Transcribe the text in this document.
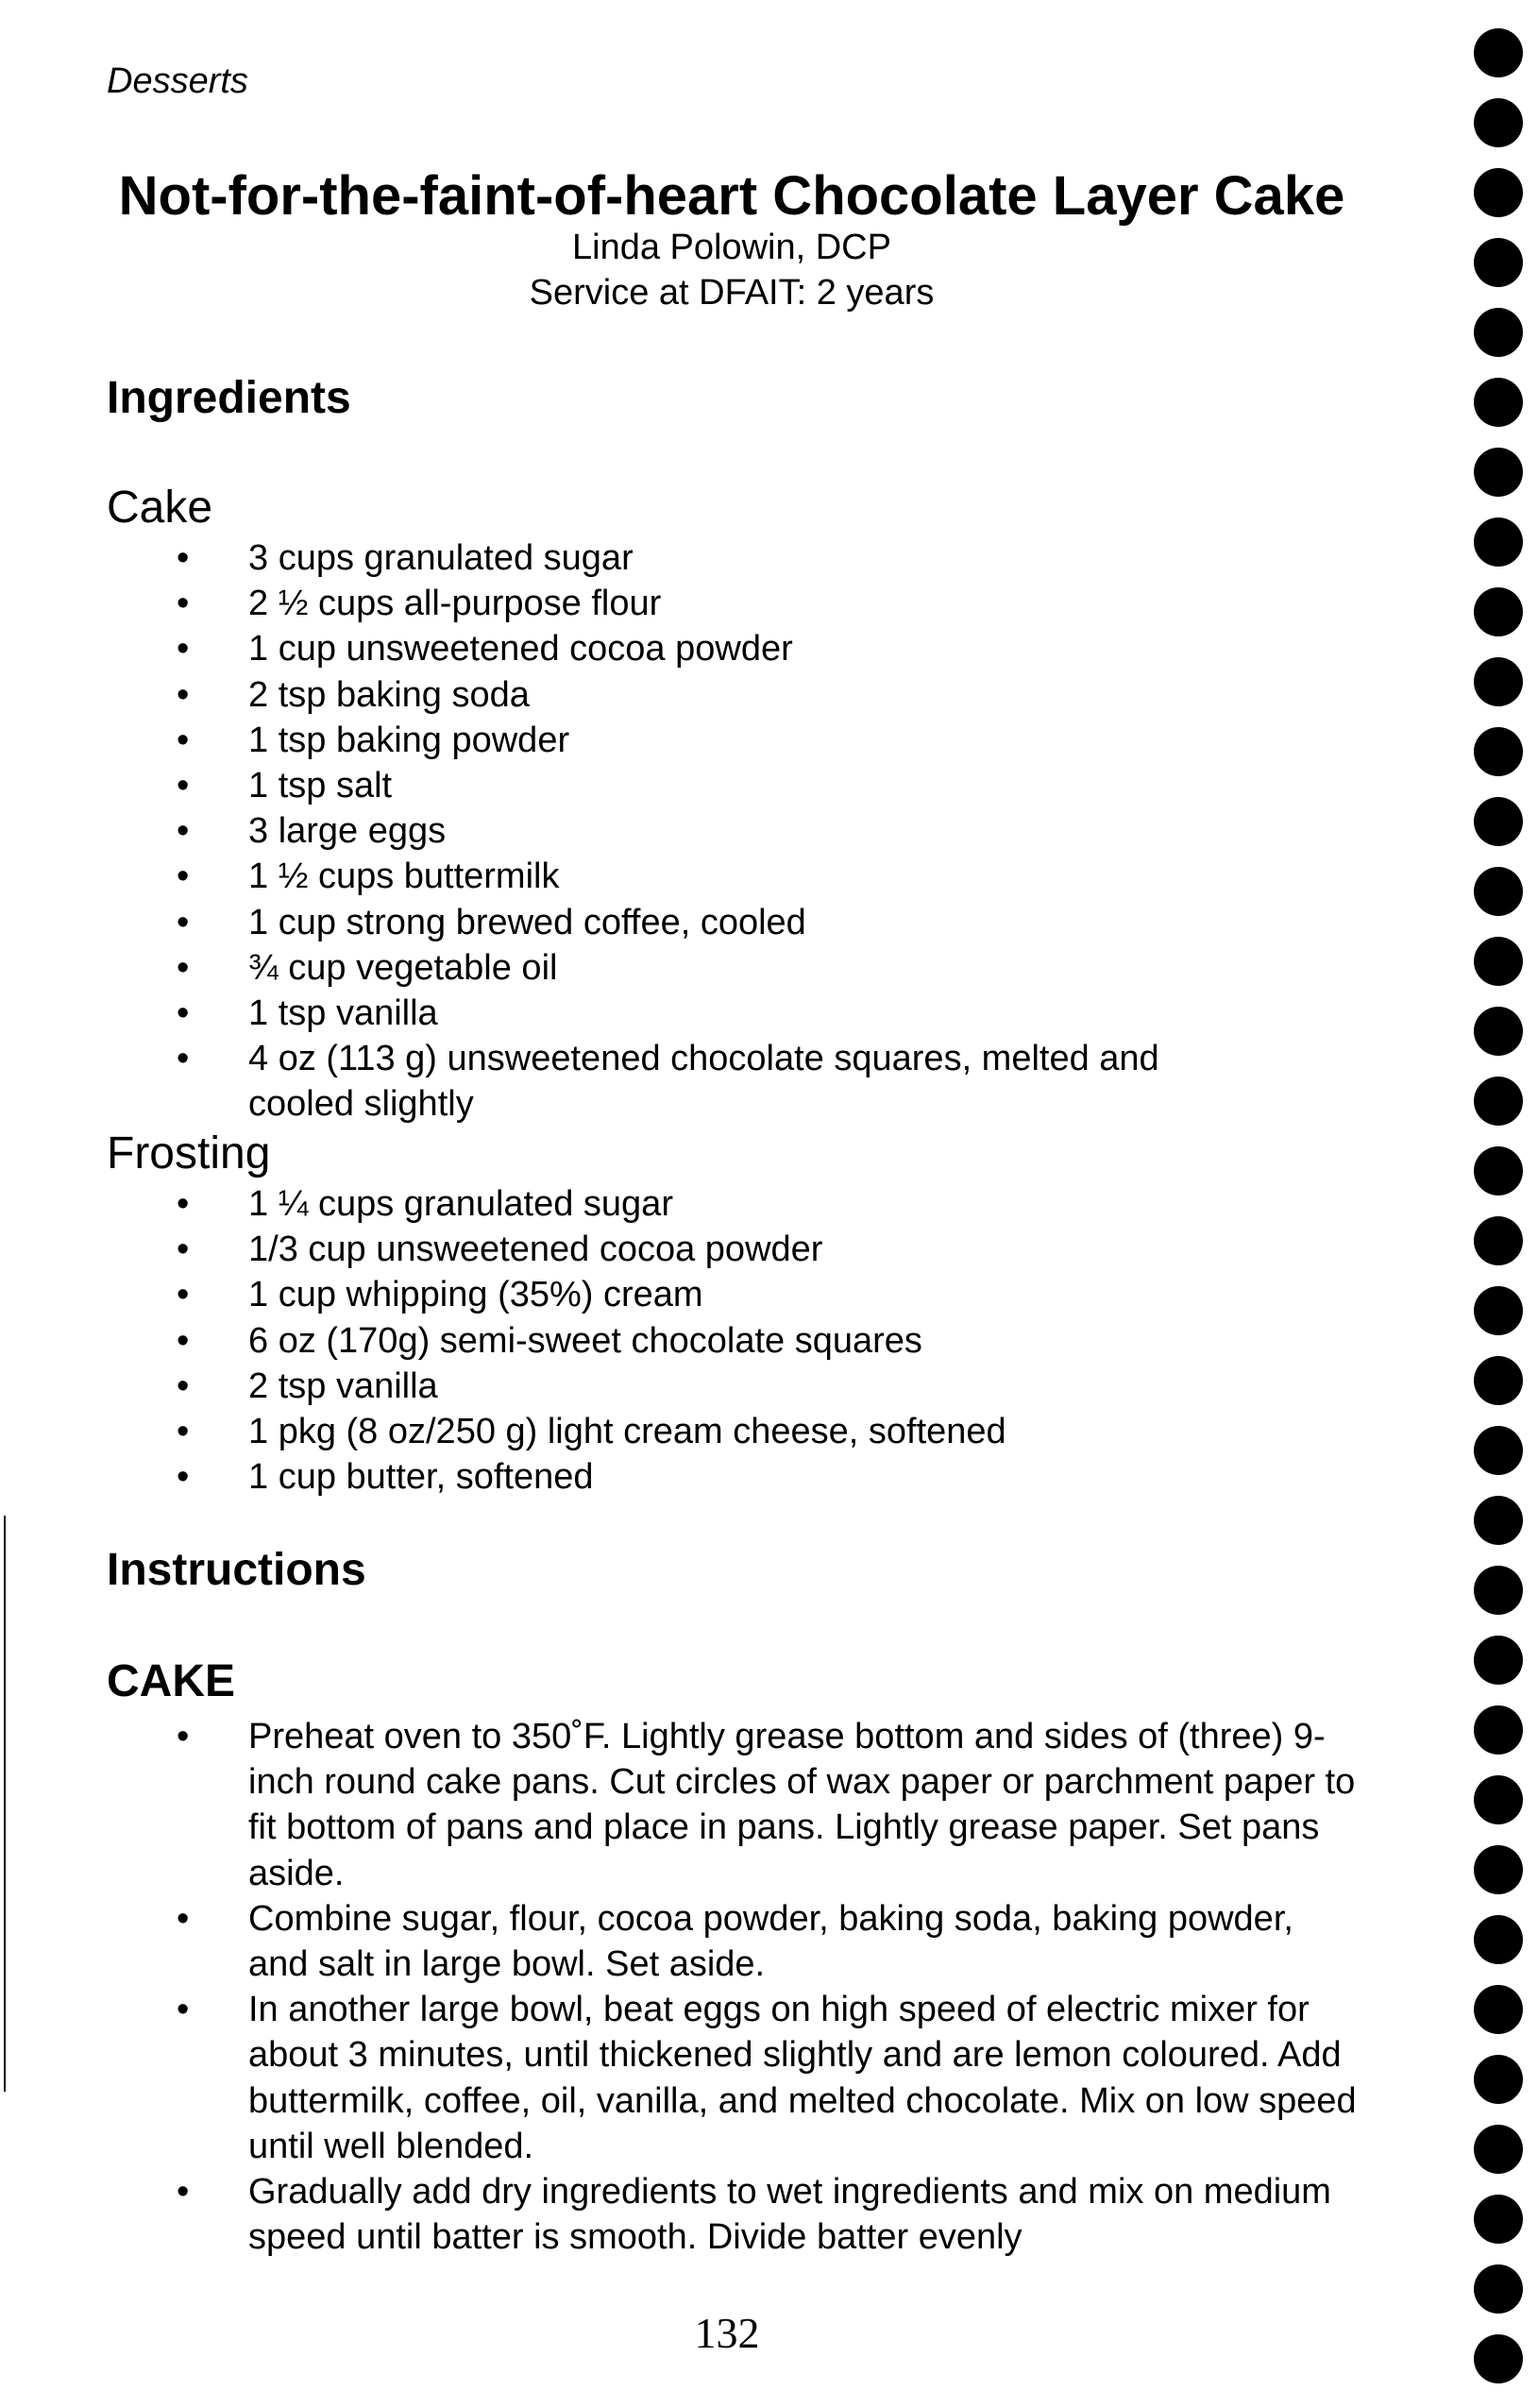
Desserts
Not-for-the-faint-of-heart Chocolate Layer Cake
Linda Polowin, DCP
Service at DFAIT: 2 years
Ingredients
Cake
• 3 cups granulated sugar
• 2 ½ cups all-purpose flour
• 1 cup unsweetened cocoa powder
• 2 tsp baking soda
• 1 tsp baking powder
• 1 tsp salt
• 3 large eggs
• 1 ½ cups buttermilk
• 1 cup strong brewed coffee, cooled
• ¾ cup vegetable oil
• 1 tsp vanilla
• 4 oz (113 g) unsweetened chocolate squares, melted and cooled slightly
Frosting
• 1 ¼ cups granulated sugar
• 1/3 cup unsweetened cocoa powder
• 1 cup whipping (35%) cream
• 6 oz (170g) semi-sweet chocolate squares
• 2 tsp vanilla
• 1 pkg (8 oz/250 g) light cream cheese, softened
• 1 cup butter, softened
Instructions
CAKE
• Preheat oven to 350˚F. Lightly grease bottom and sides of (three) 9-inch round cake pans. Cut circles of wax paper or parchment paper to fit bottom of pans and place in pans. Lightly grease paper. Set pans aside.
• Combine sugar, flour, cocoa powder, baking soda, baking powder, and salt in large bowl. Set aside.
• In another large bowl, beat eggs on high speed of electric mixer for about 3 minutes, until thickened slightly and are lemon coloured. Add buttermilk, coffee, oil, vanilla, and melted chocolate. Mix on low speed until well blended.
• Gradually add dry ingredients to wet ingredients and mix on medium speed until batter is smooth. Divide batter evenly
132
